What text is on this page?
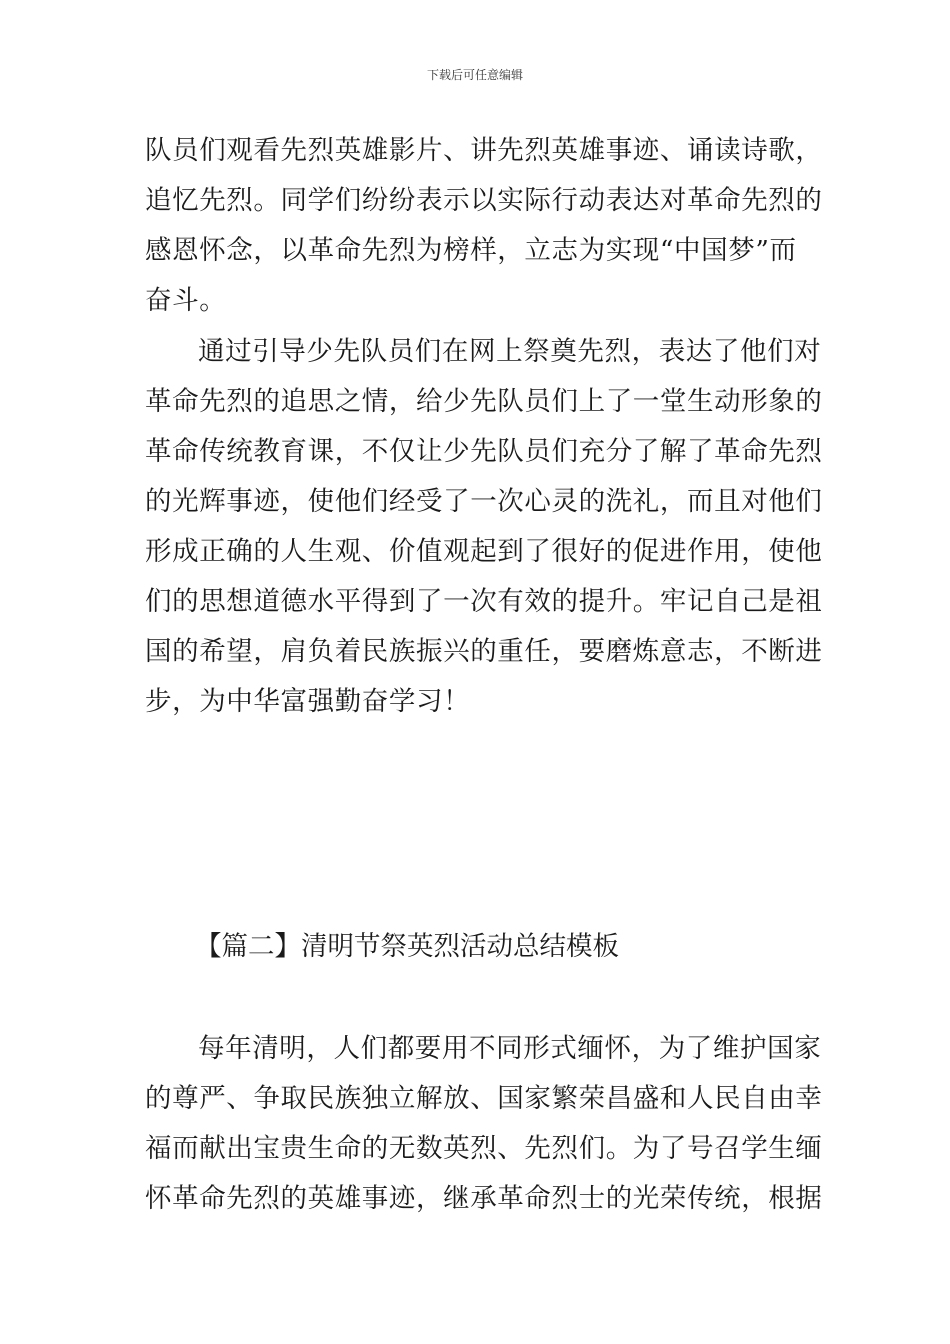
下载后可任意编辑
队员们观看先烈英雄影片、讲先烈英雄事迹、诵读诗歌，
追忆先烈。同学们纷纷表示以实际行动表达对革命先烈的
感恩怀念，以革命先烈为榜样，立志为实现“中国梦”而
奋斗。
通过引导少先队员们在网上祭奠先烈，表达了他们对
革命先烈的追思之情，给少先队员们上了一堂生动形象的
革命传统教育课，不仅让少先队员们充分了解了革命先烈
的光辉事迹，使他们经受了一次心灵的洗礼，而且对他们
形成正确的人生观、价值观起到了很好的促进作用，使他
们的思想道德水平得到了一次有效的提升。牢记自己是祖
国的希望，肩负着民族振兴的重任，要磨炼意志，不断进
步，为中华富强勤奋学习！
【篇二】清明节祭英烈活动总结模板
每年清明，人们都要用不同形式缅怀，为了维护国家
的尊严、争取民族独立解放、国家繁荣昌盛和人民自由幸
福而献出宝贵生命的无数英烈、先烈们。为了号召学生缅
怀革命先烈的英雄事迹，继承革命烈士的光荣传统，根据
